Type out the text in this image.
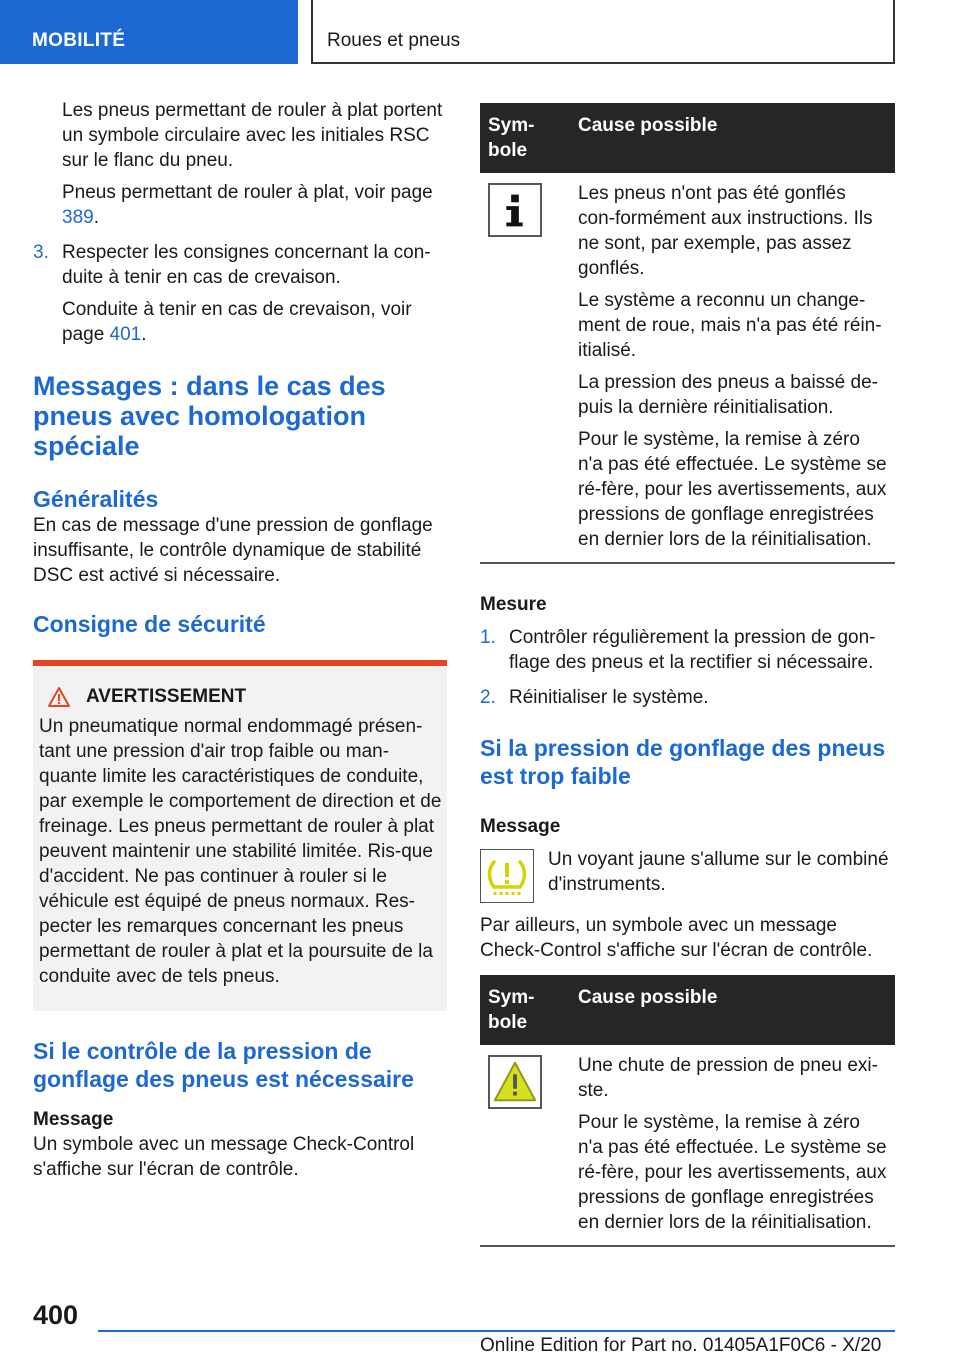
MOBILITÉ	Roues et pneus

Les pneus permettant de rouler à plat portent un symbole circulaire avec les initiales RSC sur le flanc du pneu.

Pneus permettant de rouler à plat, voir page 389.

3. Respecter les consignes concernant la con‐duite à tenir en cas de crevaison.

Conduite à tenir en cas de crevaison, voir page 401.

Messages : dans le cas des pneus avec homologation spéciale
Généralités

En cas de message d'une pression de gonflage insuffisante, le contrôle dynamique de stabilité DSC est activé si nécessaire.

Consigne de sécurité
AVERTISSEMENT

Un pneumatique normal endommagé présen‐tant une pression d'air trop faible ou man‐quante limite les caractéristiques de conduite, par exemple le comportement de direction et de freinage. Les pneus permettant de rouler à plat peuvent maintenir une stabilité limitée. Ris‐que d'accident. Ne pas continuer à rouler si le véhicule est équipé de pneus normaux. Res‐pecter les remarques concernant les pneus permettant de rouler à plat et la poursuite de la conduite avec de tels pneus.

Si le contrôle de la pression de gonflage des pneus est nécessaire
Message

Un symbole avec un message Check-Control s'affiche sur l'écran de contrôle.

Sym‐bole	Cause possible

Les pneus n'ont pas été gonflés con‐formément aux instructions. Ils ne sont, par exemple, pas assez gonflés.

Le système a reconnu un change‐ment de roue, mais n'a pas été réin‐itialisé.

La pression des pneus a baissé de‐puis la dernière réinitialisation.

Pour le système, la remise à zéro n'a pas été effectuée. Le système se ré‐fère, pour les avertissements, aux pressions de gonflage enregistrées en dernier lors de la réinitialisation.

Mesure
1. Contrôler régulièrement la pression de gon‐flage des pneus et la rectifier si nécessaire.

2. Réinitialiser le système.

Si la pression de gonflage des pneus est trop faible
Message

Un voyant jaune s'allume sur le combiné d'instruments.

Par ailleurs, un symbole avec un message Check-Control s'affiche sur l'écran de contrôle.

Sym‐bole	Cause possible

Une chute de pression de pneu exi‐ste.

Pour le système, la remise à zéro n'a pas été effectuée. Le système se ré‐fère, pour les avertissements, aux pressions de gonflage enregistrées en dernier lors de la réinitialisation.

400
Online Edition for Part no. 01405A1F0C6 - X/20
